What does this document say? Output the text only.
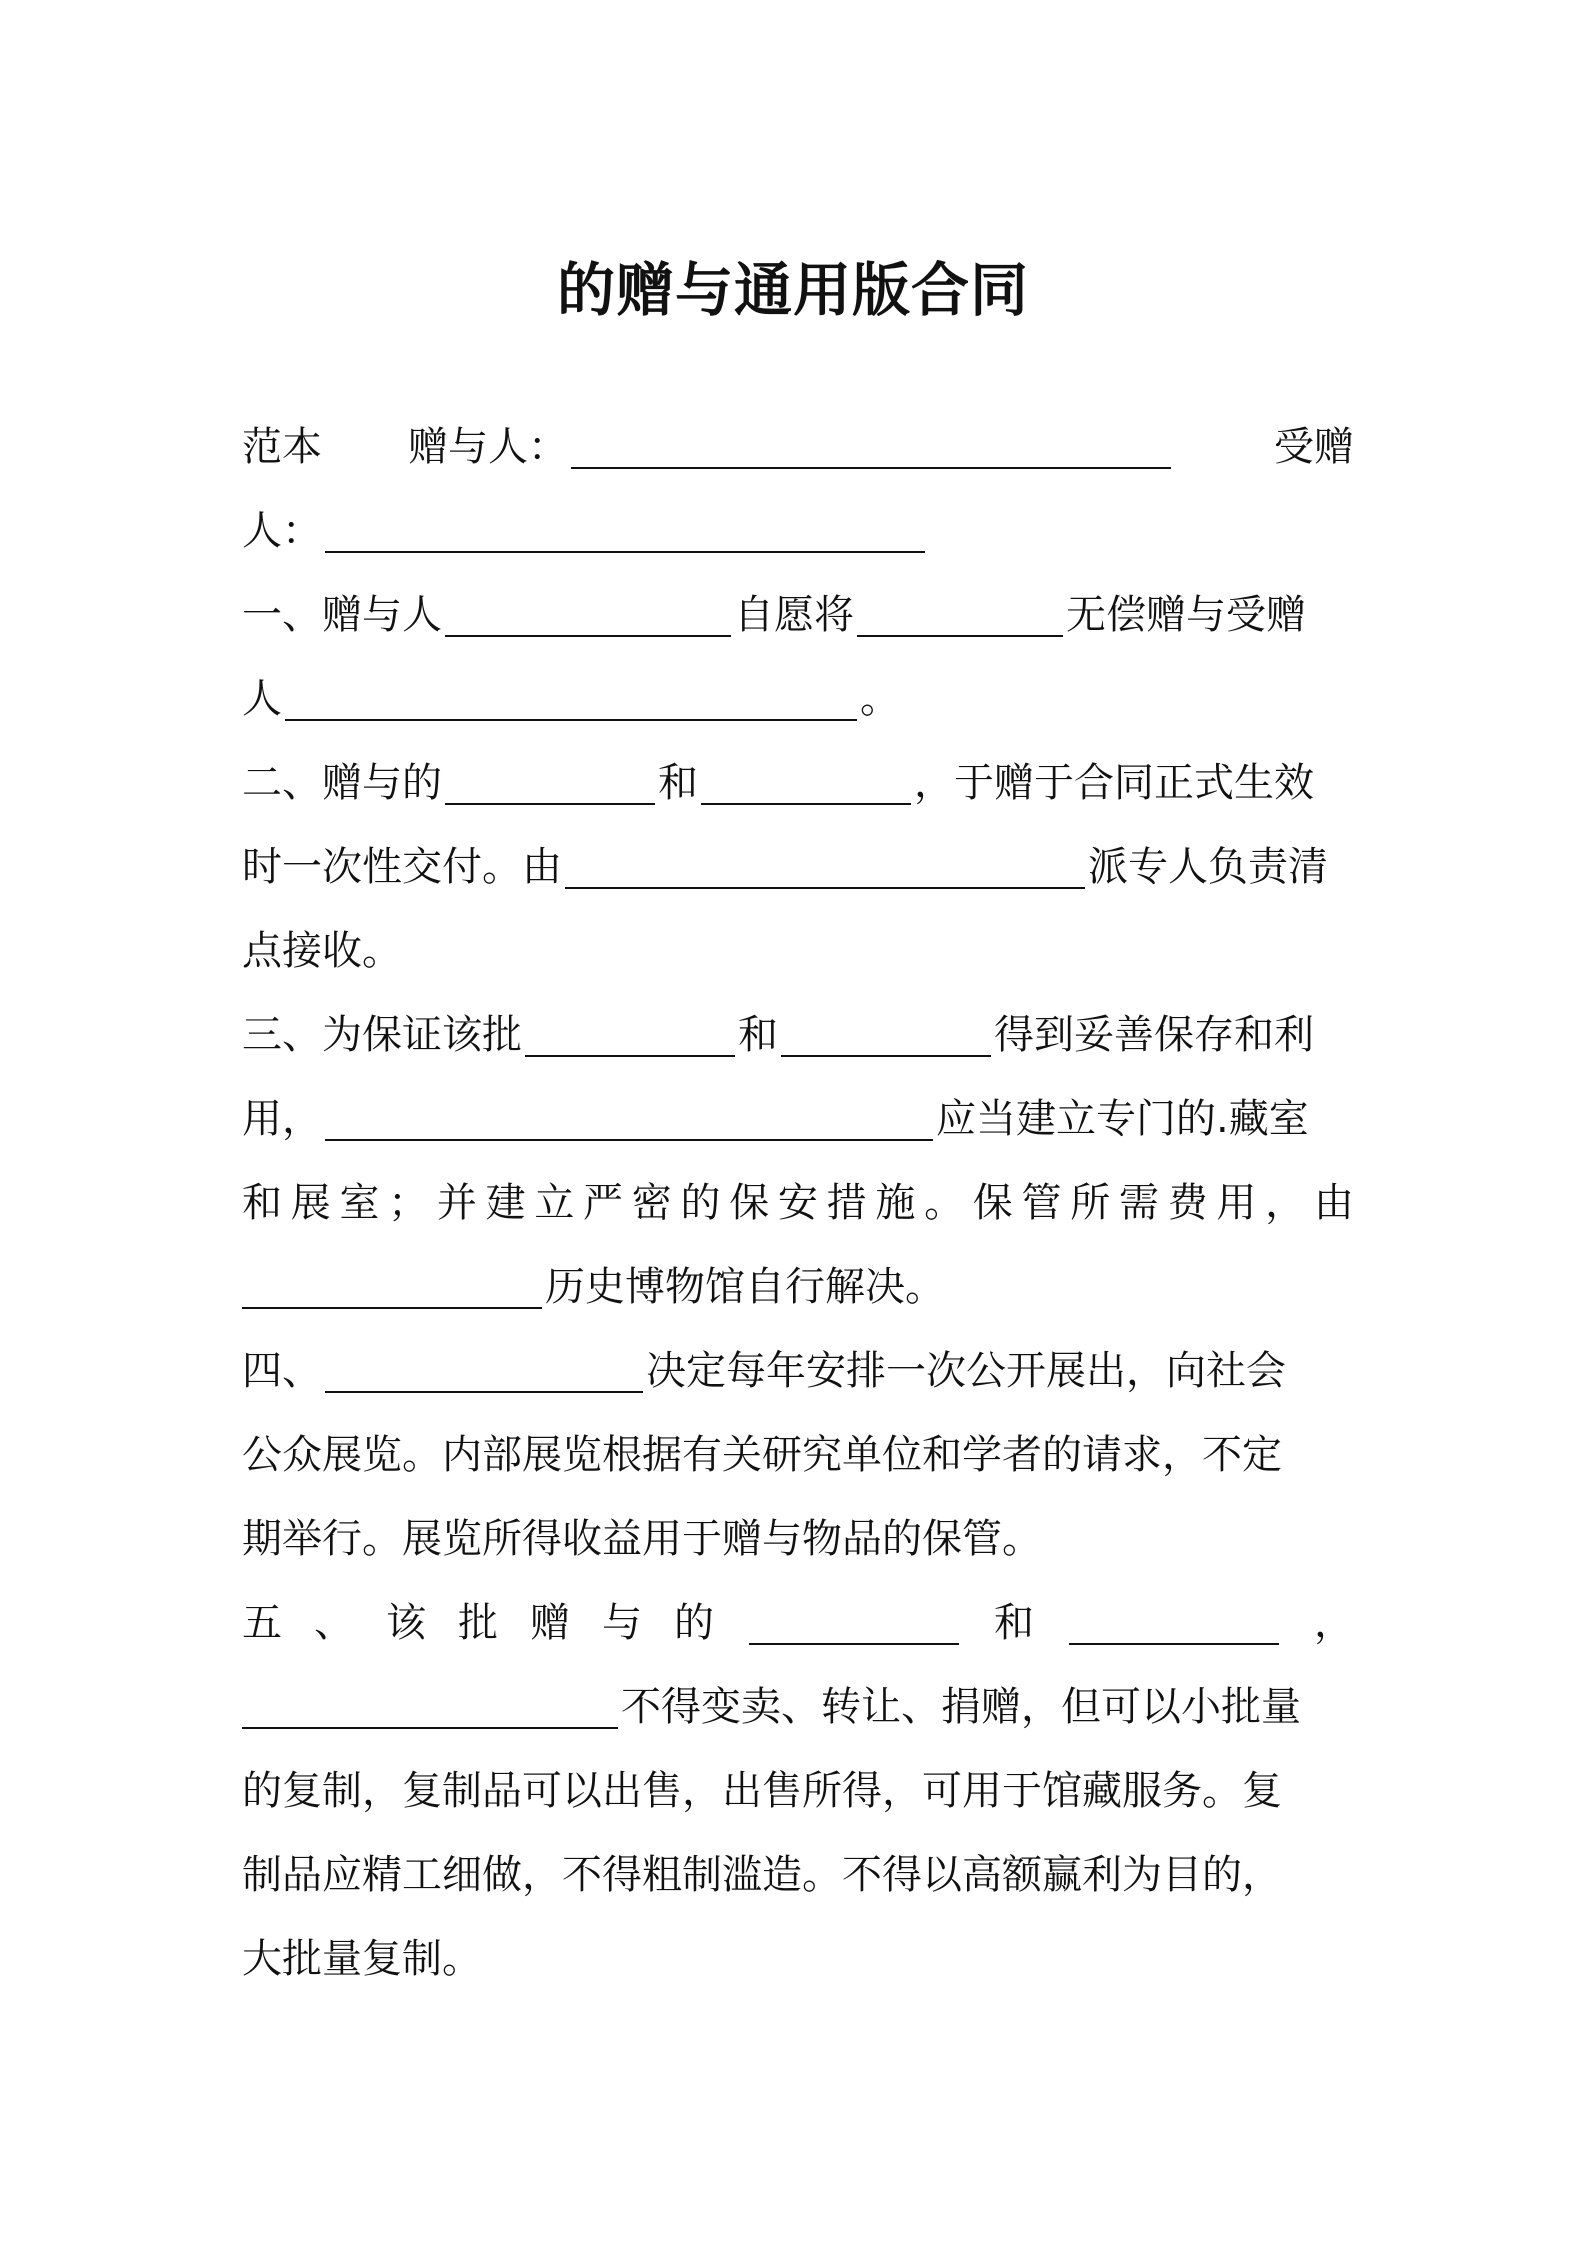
的赠与通用版合同
范本 赠与人：	受赠
人：
一、赠与人	自愿将	无偿赠与受赠
人	。
二、赠与的	和	，于赠于合同正式生效
时一次性交付。由	派专人负责清
点接收。
三、为保证该批	和	得到妥善保存和利
用，	应当建立专门的.藏室
和 展 室 ； 并 建 立 严 密 的 保 安 措 施 。 保 管 所 需 费 用 ， 由
历史博物馆自行解决。
四、	决定每年安排一次公开展出，向社会
公众展览。内部展览根据有关研究单位和学者的请求，不定
期举行。展览所得收益用于赠与物品的保管。
五 、 该 批 赠 与 的	和	，
不得变卖、转让、捐赠，但可以小批量
的复制，复制品可以出售，出售所得，可用于馆藏服务。复
制品应精工细做，不得粗制滥造。不得以高额赢利为目的，
大批量复制。
